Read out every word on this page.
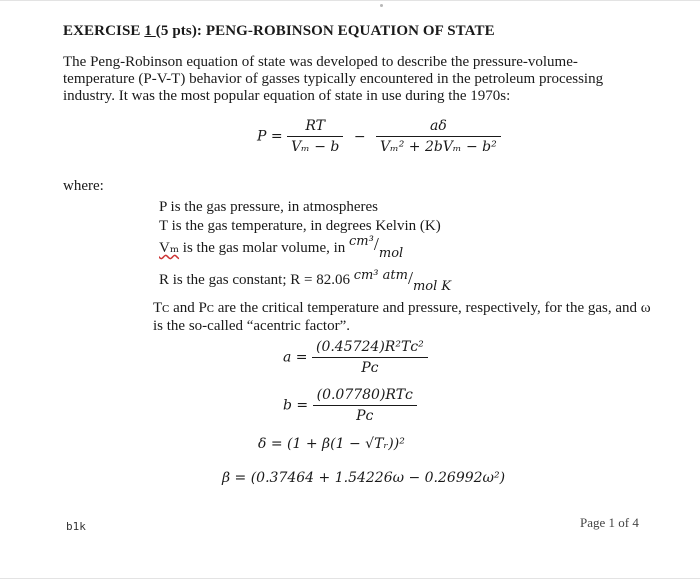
EXERCISE 1 (5 pts): PENG-ROBINSON EQUATION OF STATE
The Peng-Robinson equation of state was developed to describe the pressure-volume-
temperature (P-V-T) behavior of gasses typically encountered in the petroleum processing
industry. It was the most popular equation of state in use during the 1970s:
$P = \frac{RT}{\text{Vₘ − b}} - \frac{a\delta}{\text{Vₘ² + 2bVₘ − b²}}$
where:
P is the gas pressure, in atmospheres
T is the gas temperature, in degrees Kelvin (K)
Vₘ is the gas molar volume, in cm³/mol
R is the gas constant; R = 82.06 cm³ atm/mol K
Tᴄ and Pᴄ are the critical temperature and pressure, respectively, for the gas, and ω
is the so-called “acentric factor”.
$a = \frac{\text{(0.45724)R²Tᴄ²}}{\text{Pᴄ}}$
$b = \frac{\text{(0.07780)RTᴄ}}{\text{Pᴄ}}$
δ = (1 + β(1 − √Tᵣ))²
β = (0.37464 + 1.54226ω − 0.26992ω²)
b1k	Page 1 of 4
